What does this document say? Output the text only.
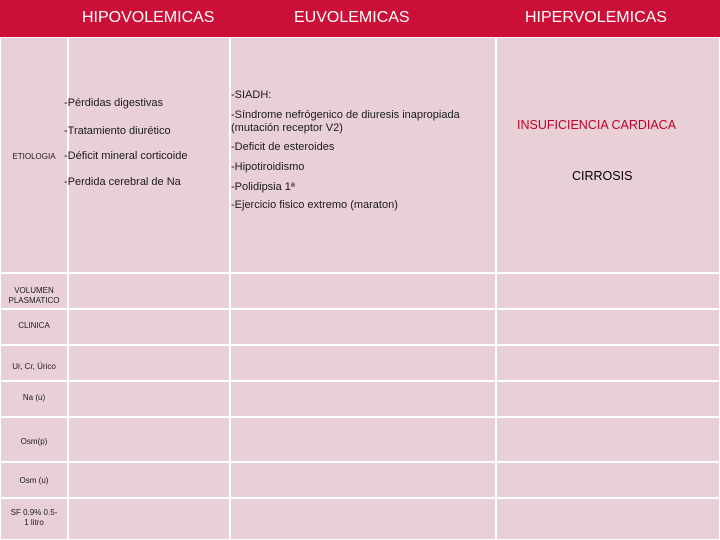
HIPOVOLEMICAS	EUVOLEMICAS	HIPERVOLEMICAS
ETIOLOGIA
VOLUMEN PLASMATICO
CLINICA
Ur, Cr, Úrico
Na (u)
Osm(p)
Osm (u)
SF 0.9% 0.5-1 litro
-Pérdidas digestivas
-Tratamiento diurético
-Déficit mineral corticoide
-Perdida cerebral de Na
-SIADH:
-Síndrome nefrógenico de diuresis inapropiada (mutación receptor V2)
-Deficit de esteroides
-Hipotiroidismo
-Polidipsia 1ª
-Ejercicio fisico extremo (maraton)
INSUFICIENCIA CARDIACA
CIRROSIS
